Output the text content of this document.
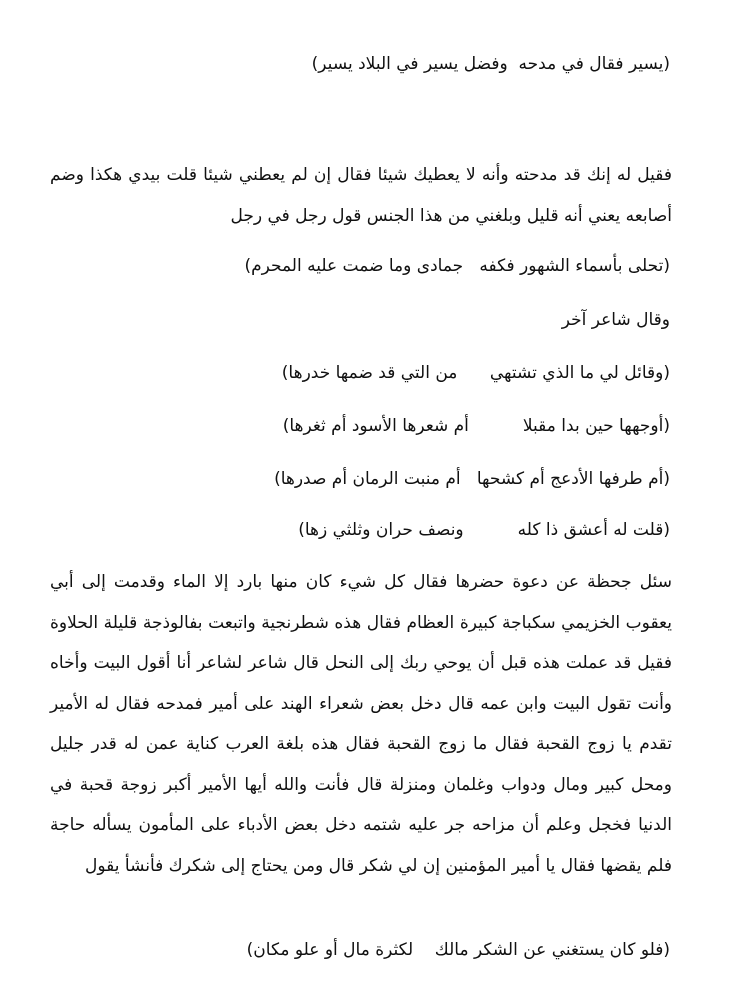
(يسير فقال في مدحه  وفضل يسير في البلاد يسير)
فقيل له إنك قد مدحته وأنه لا يعطيك شيئا فقال إن لم يعطني شيئا قلت بيدي هكذا وضم أصابعه يعني أنه قليل وبلغني من هذا الجنس قول رجل في رجل
(تحلى بأسماء الشهور فكفه   جمادى وما ضمت عليه المحرم)
وقال شاعر آخر
(وقائل لي ما الذي تشتهي      من التي قد ضمها خدرها)
(أوجهها حين بدا مقبلا          أم شعرها الأسود أم ثغرها)
(أم طرفها الأدعج أم كشحها   أم منبت الرمان أم صدرها)
(قلت له أعشق ذا كله          ونصف حران وثلثي زها)
سئل جحظة عن دعوة حضرها فقال كل شيء كان منها بارد إلا الماء وقدمت إلى أبي يعقوب الخزيمي سكباجة كبيرة العظام فقال هذه شطرنجية واتبعت بفالوذجة قليلة الحلاوة فقيل قد عملت هذه قبل أن يوحي ربك إلى النحل قال شاعر لشاعر أنا أقول البيت وأخاه وأنت تقول البيت وابن عمه قال دخل بعض شعراء الهند على أمير فمدحه فقال له الأمير تقدم يا زوج القحبة فقال ما زوج القحبة فقال هذه بلغة العرب كناية عمن له قدر جليل ومحل كبير ومال ودواب وغلمان ومنزلة قال فأنت والله أيها الأمير أكبر زوجة قحبة في الدنيا فخجل وعلم أن مزاحه جر عليه شتمه دخل بعض الأدباء على المأمون يسأله حاجة فلم يقضها فقال يا أمير المؤمنين إن لي شكر قال ومن يحتاج إلى شكرك فأنشأ يقول
(فلو كان يستغني عن الشكر مالك    لكثرة مال أو علو مكان)
